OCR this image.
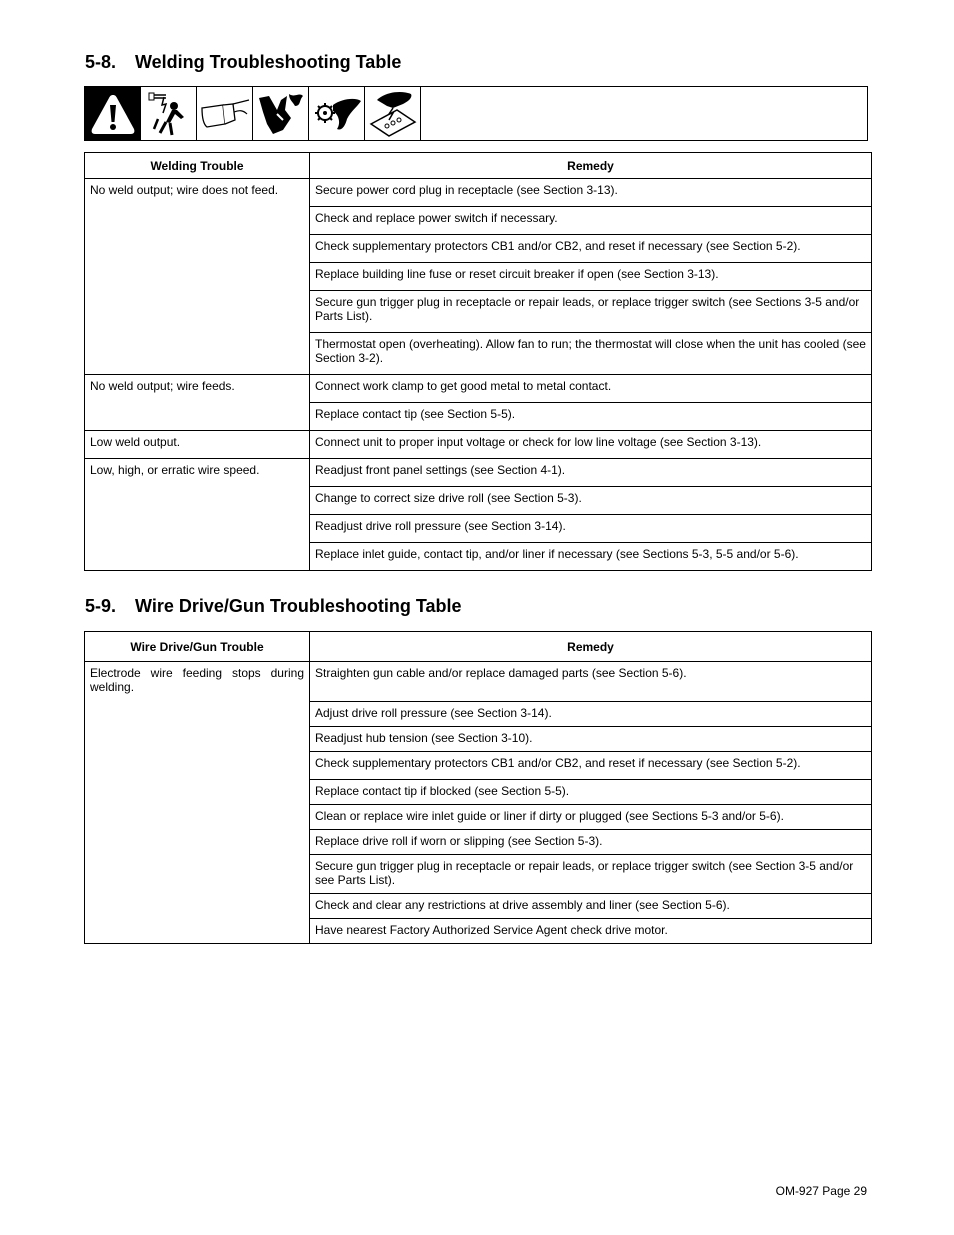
5-8. Welding Troubleshooting Table
Welding Trouble	Remedy
No weld output; wire does not feed.	Secure power cord plug in receptacle (see Section 3-13).
	Check and replace power switch if necessary.
	Check supplementary protectors CB1 and/or CB2, and reset if necessary (see Section 5-2).
	Replace building line fuse or reset circuit breaker if open (see Section 3-13).
	Secure gun trigger plug in receptacle or repair leads, or replace trigger switch (see Sections 3-5 and/or Parts List).
	Thermostat open (overheating). Allow fan to run; the thermostat will close when the unit has cooled (see Section 3-2).
No weld output; wire feeds.	Connect work clamp to get good metal to metal contact.
	Replace contact tip (see Section 5-5).
Low weld output.	Connect unit to proper input voltage or check for low line voltage (see Section 3-13).
Low, high, or erratic wire speed.	Readjust front panel settings (see Section 4-1).
	Change to correct size drive roll (see Section 5-3).
	Readjust drive roll pressure (see Section 3-14).
	Replace inlet guide, contact tip, and/or liner if necessary (see Sections 5-3, 5-5 and/or 5-6).
5-9. Wire Drive/Gun Troubleshooting Table
Wire Drive/Gun Trouble	Remedy
Electrode wire feeding stops during welding.	Straighten gun cable and/or replace damaged parts (see Section 5-6).
	Adjust drive roll pressure (see Section 3-14).
	Readjust hub tension (see Section 3-10).
	Check supplementary protectors CB1 and/or CB2, and reset if necessary (see Section 5-2).
	Replace contact tip if blocked (see Section 5-5).
	Clean or replace wire inlet guide or liner if dirty or plugged (see Sections 5-3 and/or 5-6).
	Replace drive roll if worn or slipping (see Section 5-3).
	Secure gun trigger plug in receptacle or repair leads, or replace trigger switch (see Section 3-5 and/or see Parts List).
	Check and clear any restrictions at drive assembly and liner (see Section 5-6).
	Have nearest Factory Authorized Service Agent check drive motor.
OM-927 Page 29
